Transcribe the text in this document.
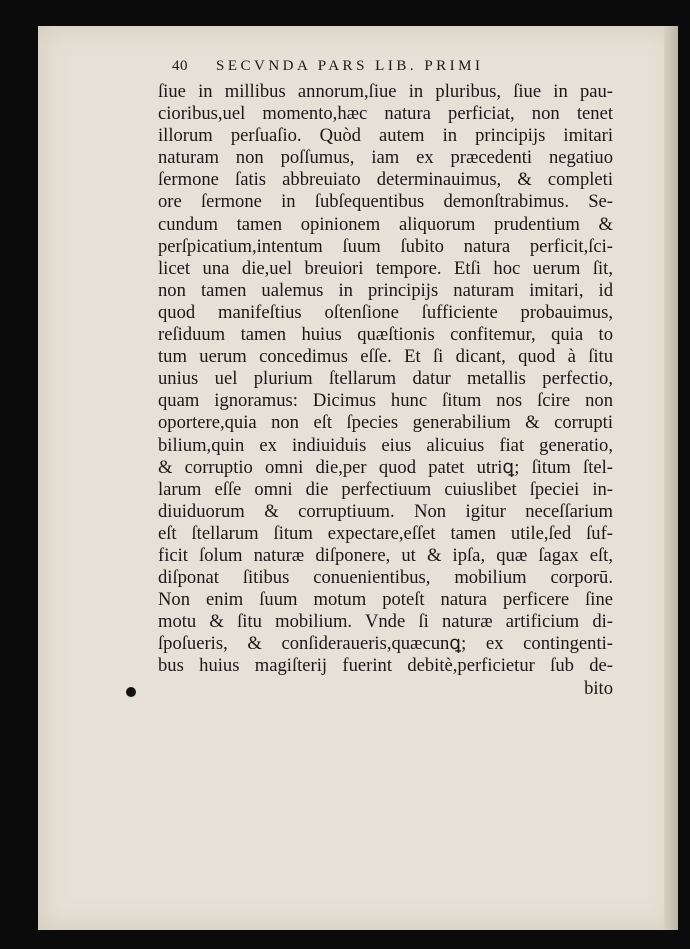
40 SECVNDA PARS LIB. PRIMI
ſiue in millibus annorum,ſiue in pluribus, ſiue in pau-
cioribus,uel momento,hæc natura perficiat, non tenet
illorum perſuaſio. Quòd autem in principijs imitari
naturam non poſſumus, iam ex præcedenti negatiuo
ſermone ſatis abbreuiato determinauimus, & completi
ore ſermone in ſubſequentibus demonſtrabimus. Se-
cundum tamen opinionem aliquorum prudentium &
perſpicatium,intentum ſuum ſubito natura perficit,ſci-
licet una die,uel breuiori tempore. Etſi hoc uerum ſit,
non tamen ualemus in principijs naturam imitari, id
quod manifeſtius oſtenſione ſufficiente probauimus,
reſiduum tamen huius quæſtionis confitemur, quia to
tum uerum concedimus eſſe. Et ſi dicant, quod à ſitu
unius uel plurium ſtellarum datur metallis perfectio,
quam ignoramus: Dicimus hunc ſitum nos ſcire non
oportere,quia non eſt ſpecies generabilium & corrupti
bilium,quin ex indiuiduis eius alicuius fiat generatio,
& corruptio omni die,per quod patet utriꝗ; ſitum ſtel-
larum eſſe omni die perfectiuum cuiuslibet ſpeciei in-
diuiduorum & corruptiuum. Non igitur neceſſarium
eſt ſtellarum ſitum expectare,eſſet tamen utile,ſed ſuf-
ficit ſolum naturæ diſponere, ut & ipſa, quæ ſagax eſt,
diſponat ſitibus conuenientibus, mobilium corporū.
Non enim ſuum motum poteſt natura perficere ſine
motu & ſitu mobilium. Vnde ſi naturæ artificium di-
ſpoſueris, & conſideraueris,quæcunꝗ; ex contingenti-
bus huius magiſterij fuerint debitè,perficietur ſub de-
bito
